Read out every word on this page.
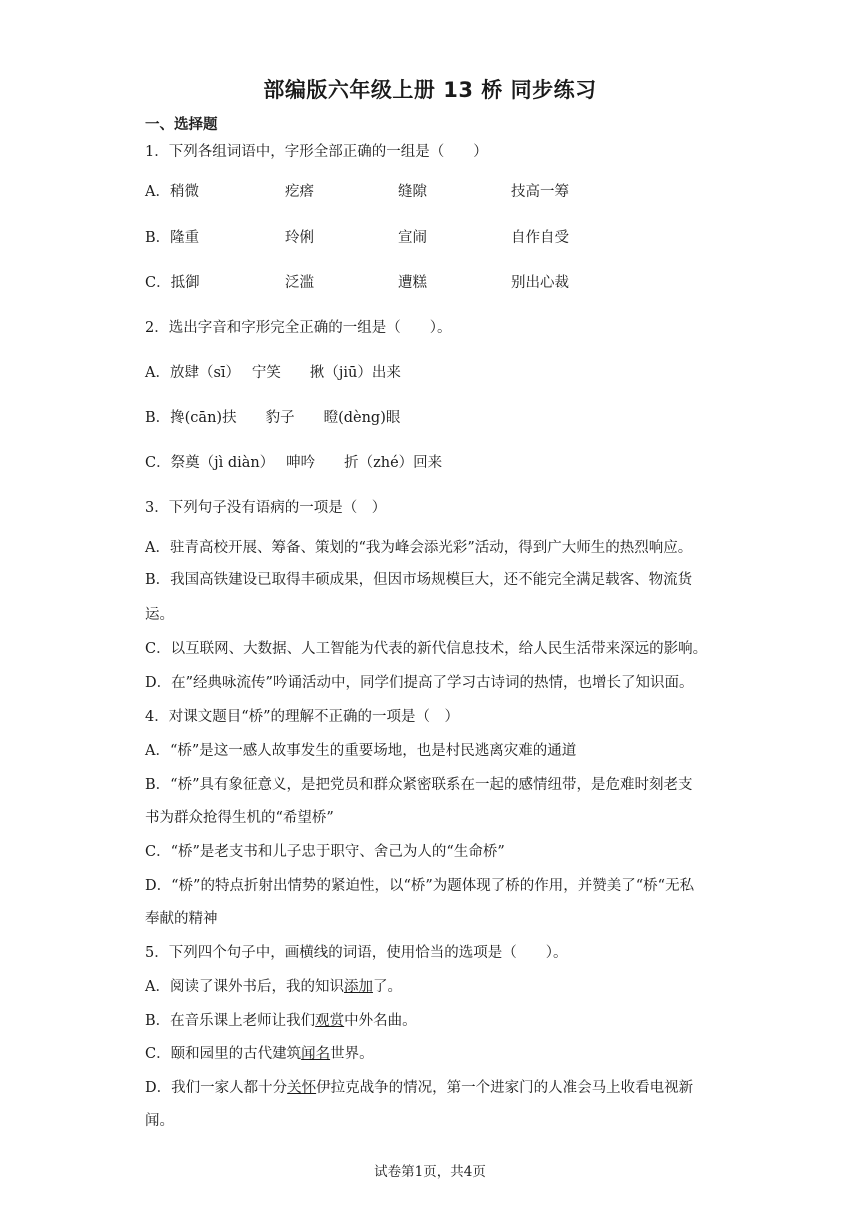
部编版六年级上册 13 桥 同步练习
一、选择题
1．下列各组词语中，字形全部正确的一组是（　　）
A．稍微	疙瘩	缝隙	技高一筹
B．隆重	玲俐	宣闹	自作自受
C．抵御	泛滥	遭糕	别出心裁
2．选出字音和字形完全正确的一组是（　　）。
A．放肆（sī）　 宁笑　　揪（jiū）出来
B．搀(cān)扶　　豹子　　瞪(dèng)眼
C．祭奠（jì diàn）　 呻吟　　折（zhé）回来
3．下列句子没有语病的一项是（　）
A．驻青高校开展、筹备、策划的“我为峰会添光彩”活动，得到广大师生的热烈响应。
B．我国高铁建设已取得丰硕成果，但因市场规模巨大，还不能完全满足载客、物流货
运。
C．以互联网、大数据、人工智能为代表的新代信息技术，给人民生活带来深远的影响。
D．在”经典咏流传”吟诵活动中，同学们提高了学习古诗词的热情，也增长了知识面。
4．对课文题目“桥”的理解不正确的一项是（　）
A．“桥”是这一感人故事发生的重要场地，也是村民逃离灾难的通道
B．“桥”具有象征意义，是把党员和群众紧密联系在一起的感情纽带，是危难时刻老支
书为群众抢得生机的“希望桥”
C．“桥”是老支书和儿子忠于职守、舍己为人的“生命桥”
D．“桥”的特点折射出情势的紧迫性，以“桥”为题体现了桥的作用，并赞美了“桥“无私
奉献的精神
5．下列四个句子中，画横线的词语，使用恰当的选项是（　　）。
A．阅读了课外书后，我的知识添加了。
B．在音乐课上老师让我们观赏中外名曲。
C．颐和园里的古代建筑闻名世界。
D．我们一家人都十分关怀伊拉克战争的情况，第一个进家门的人准会马上收看电视新
闻。
试卷第1页，共4页
